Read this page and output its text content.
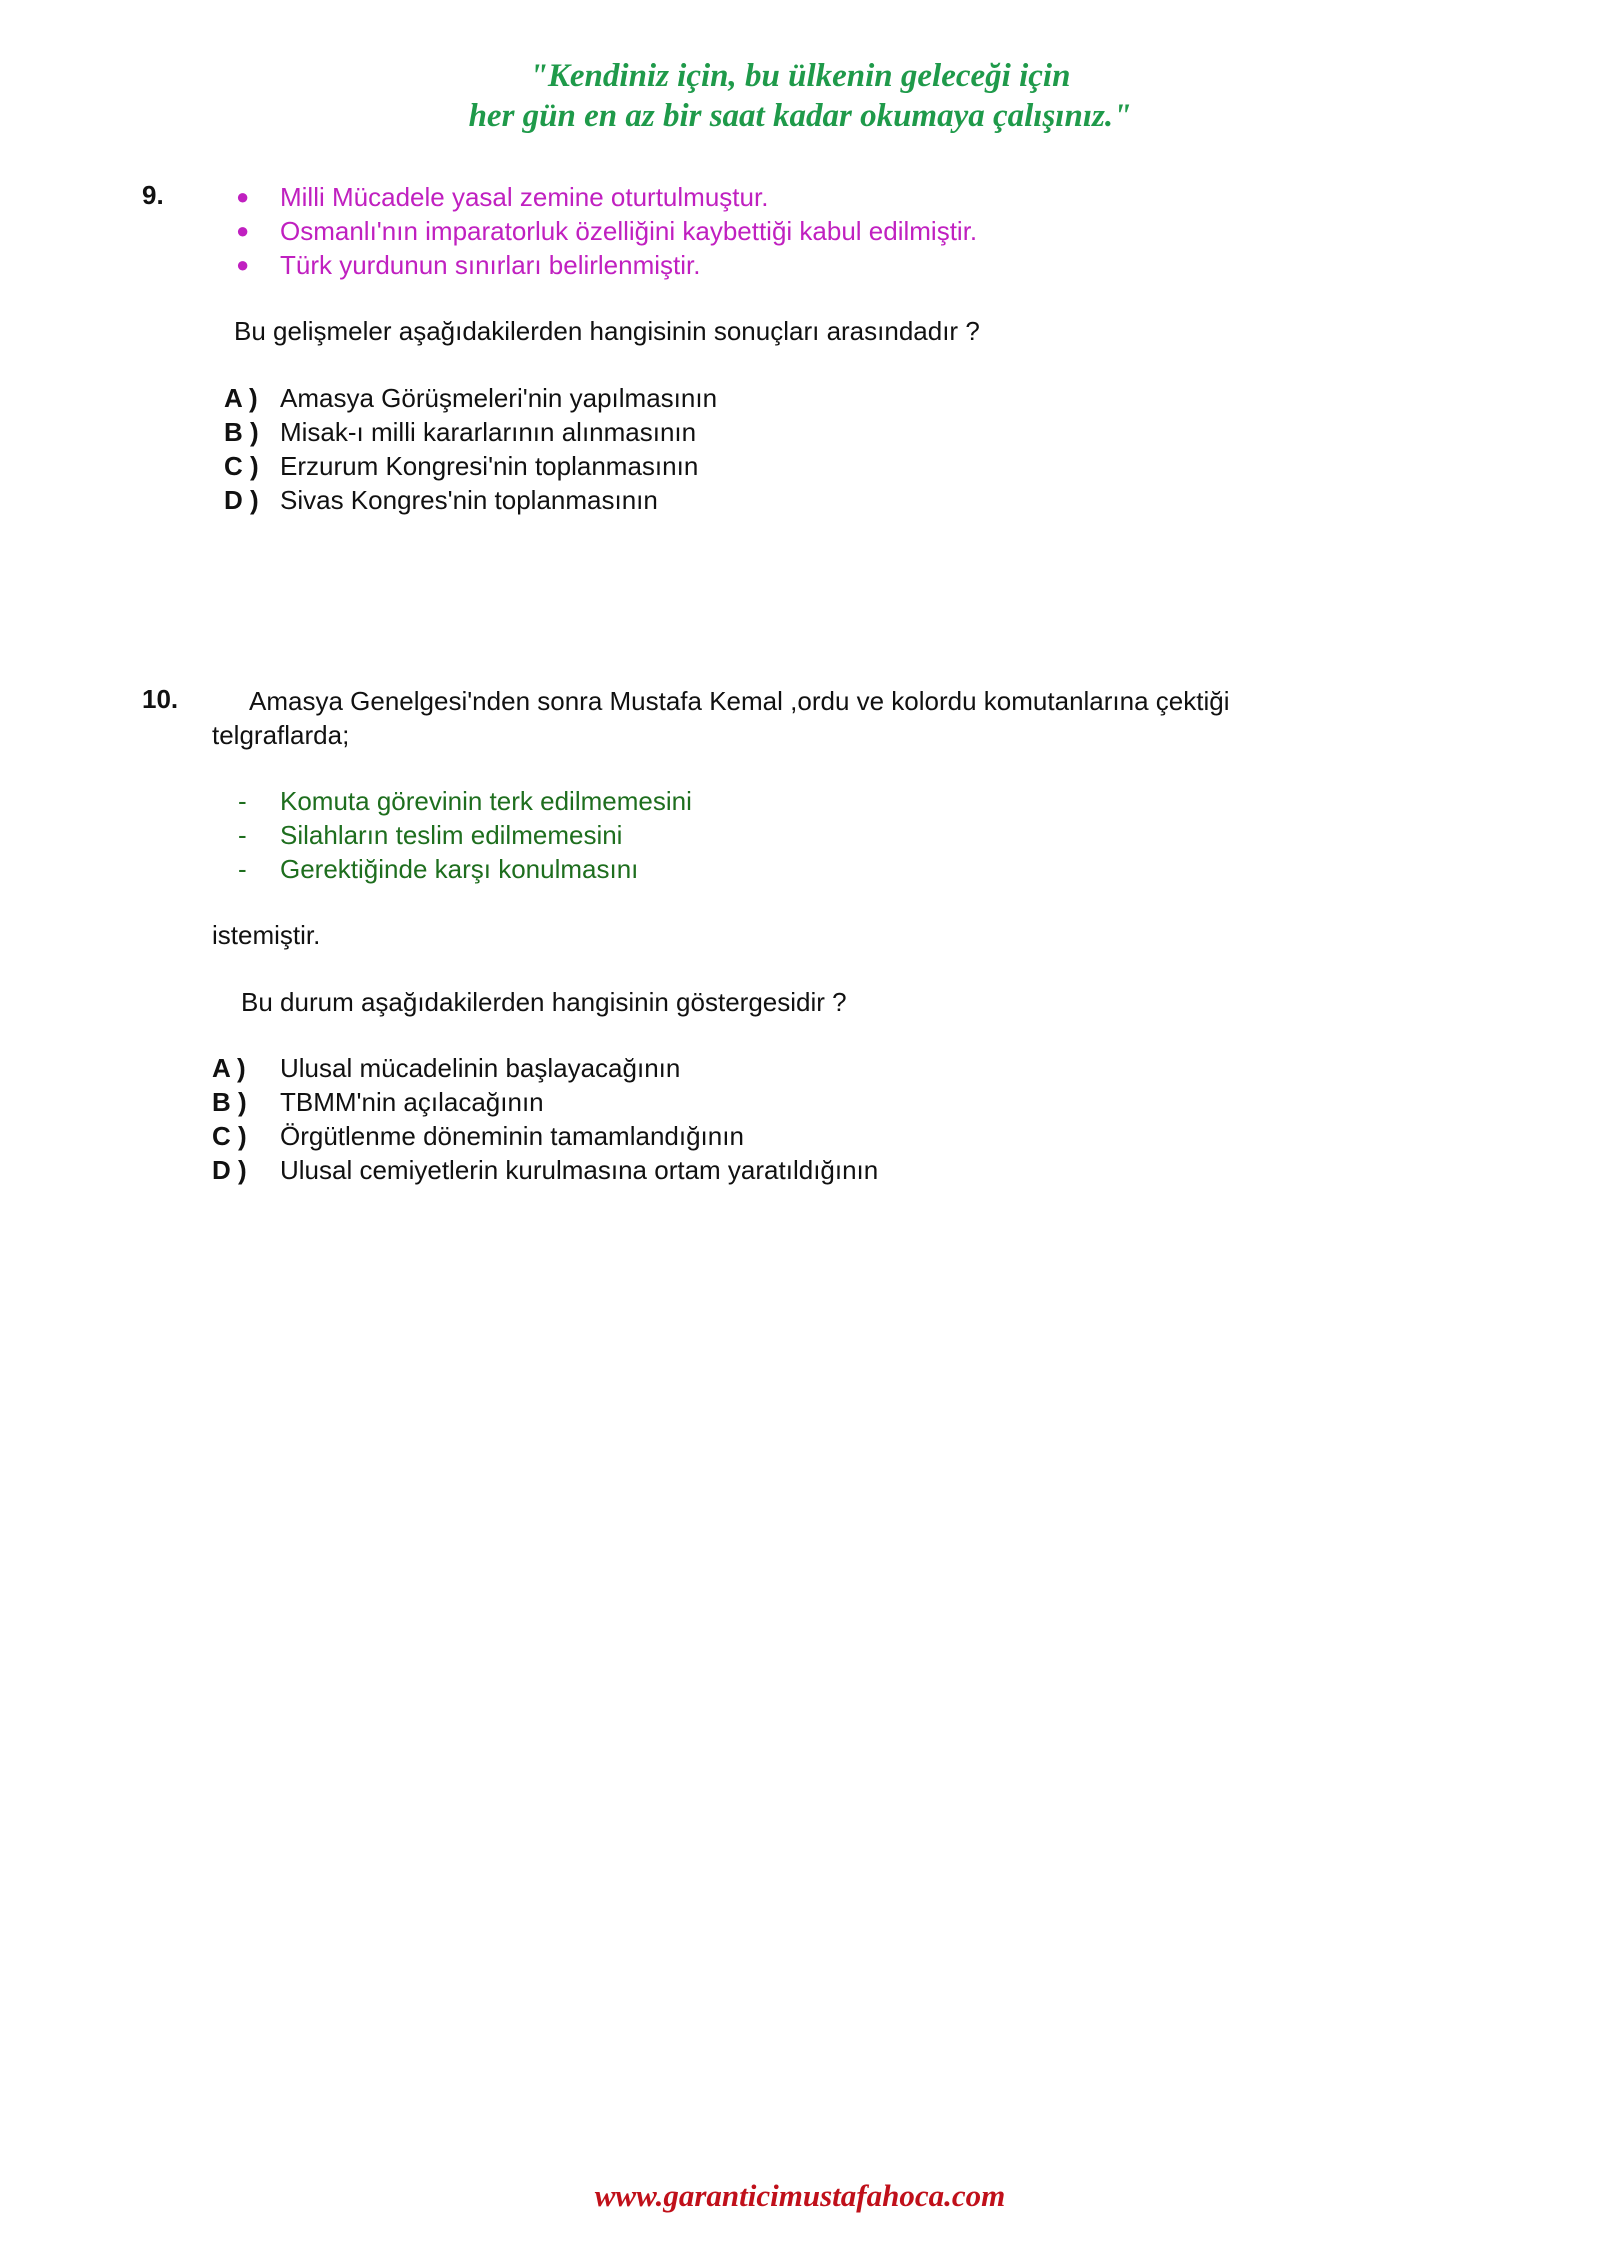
"Kendiniz için, bu ülkenin geleceği için
her gün en az bir saat kadar okumaya çalışınız."
9.	● Milli Mücadele yasal zemine oturtulmuştur.
● Osmanlı'nın imparatorluk özelliğini kaybettiği kabul edilmiştir.
● Türk yurdunun sınırları belirlenmiştir.
Bu gelişmeler aşağıdakilerden hangisinin sonuçları arasındadır ?
A ) Amasya Görüşmeleri'nin yapılmasının
B ) Misak-ı milli kararlarının alınmasının
C ) Erzurum Kongresi'nin toplanmasının
D ) Sivas Kongres'nin toplanmasının
10.	Amasya Genelgesi'nden sonra Mustafa Kemal ,ordu ve kolordu komutanlarına çektiği
telgraflarda;
- Komuta görevinin terk edilmemesini
- Silahların teslim edilmemesini
- Gerektiğinde karşı konulmasını
istemiştir.
Bu durum aşağıdakilerden hangisinin göstergesidir ?
A ) Ulusal mücadelinin başlayacağının
B ) TBMM'nin açılacağının
C ) Örgütlenme döneminin tamamlandığının
D ) Ulusal cemiyetlerin kurulmasına ortam yaratıldığının
www.garanticimustafahoca.com
